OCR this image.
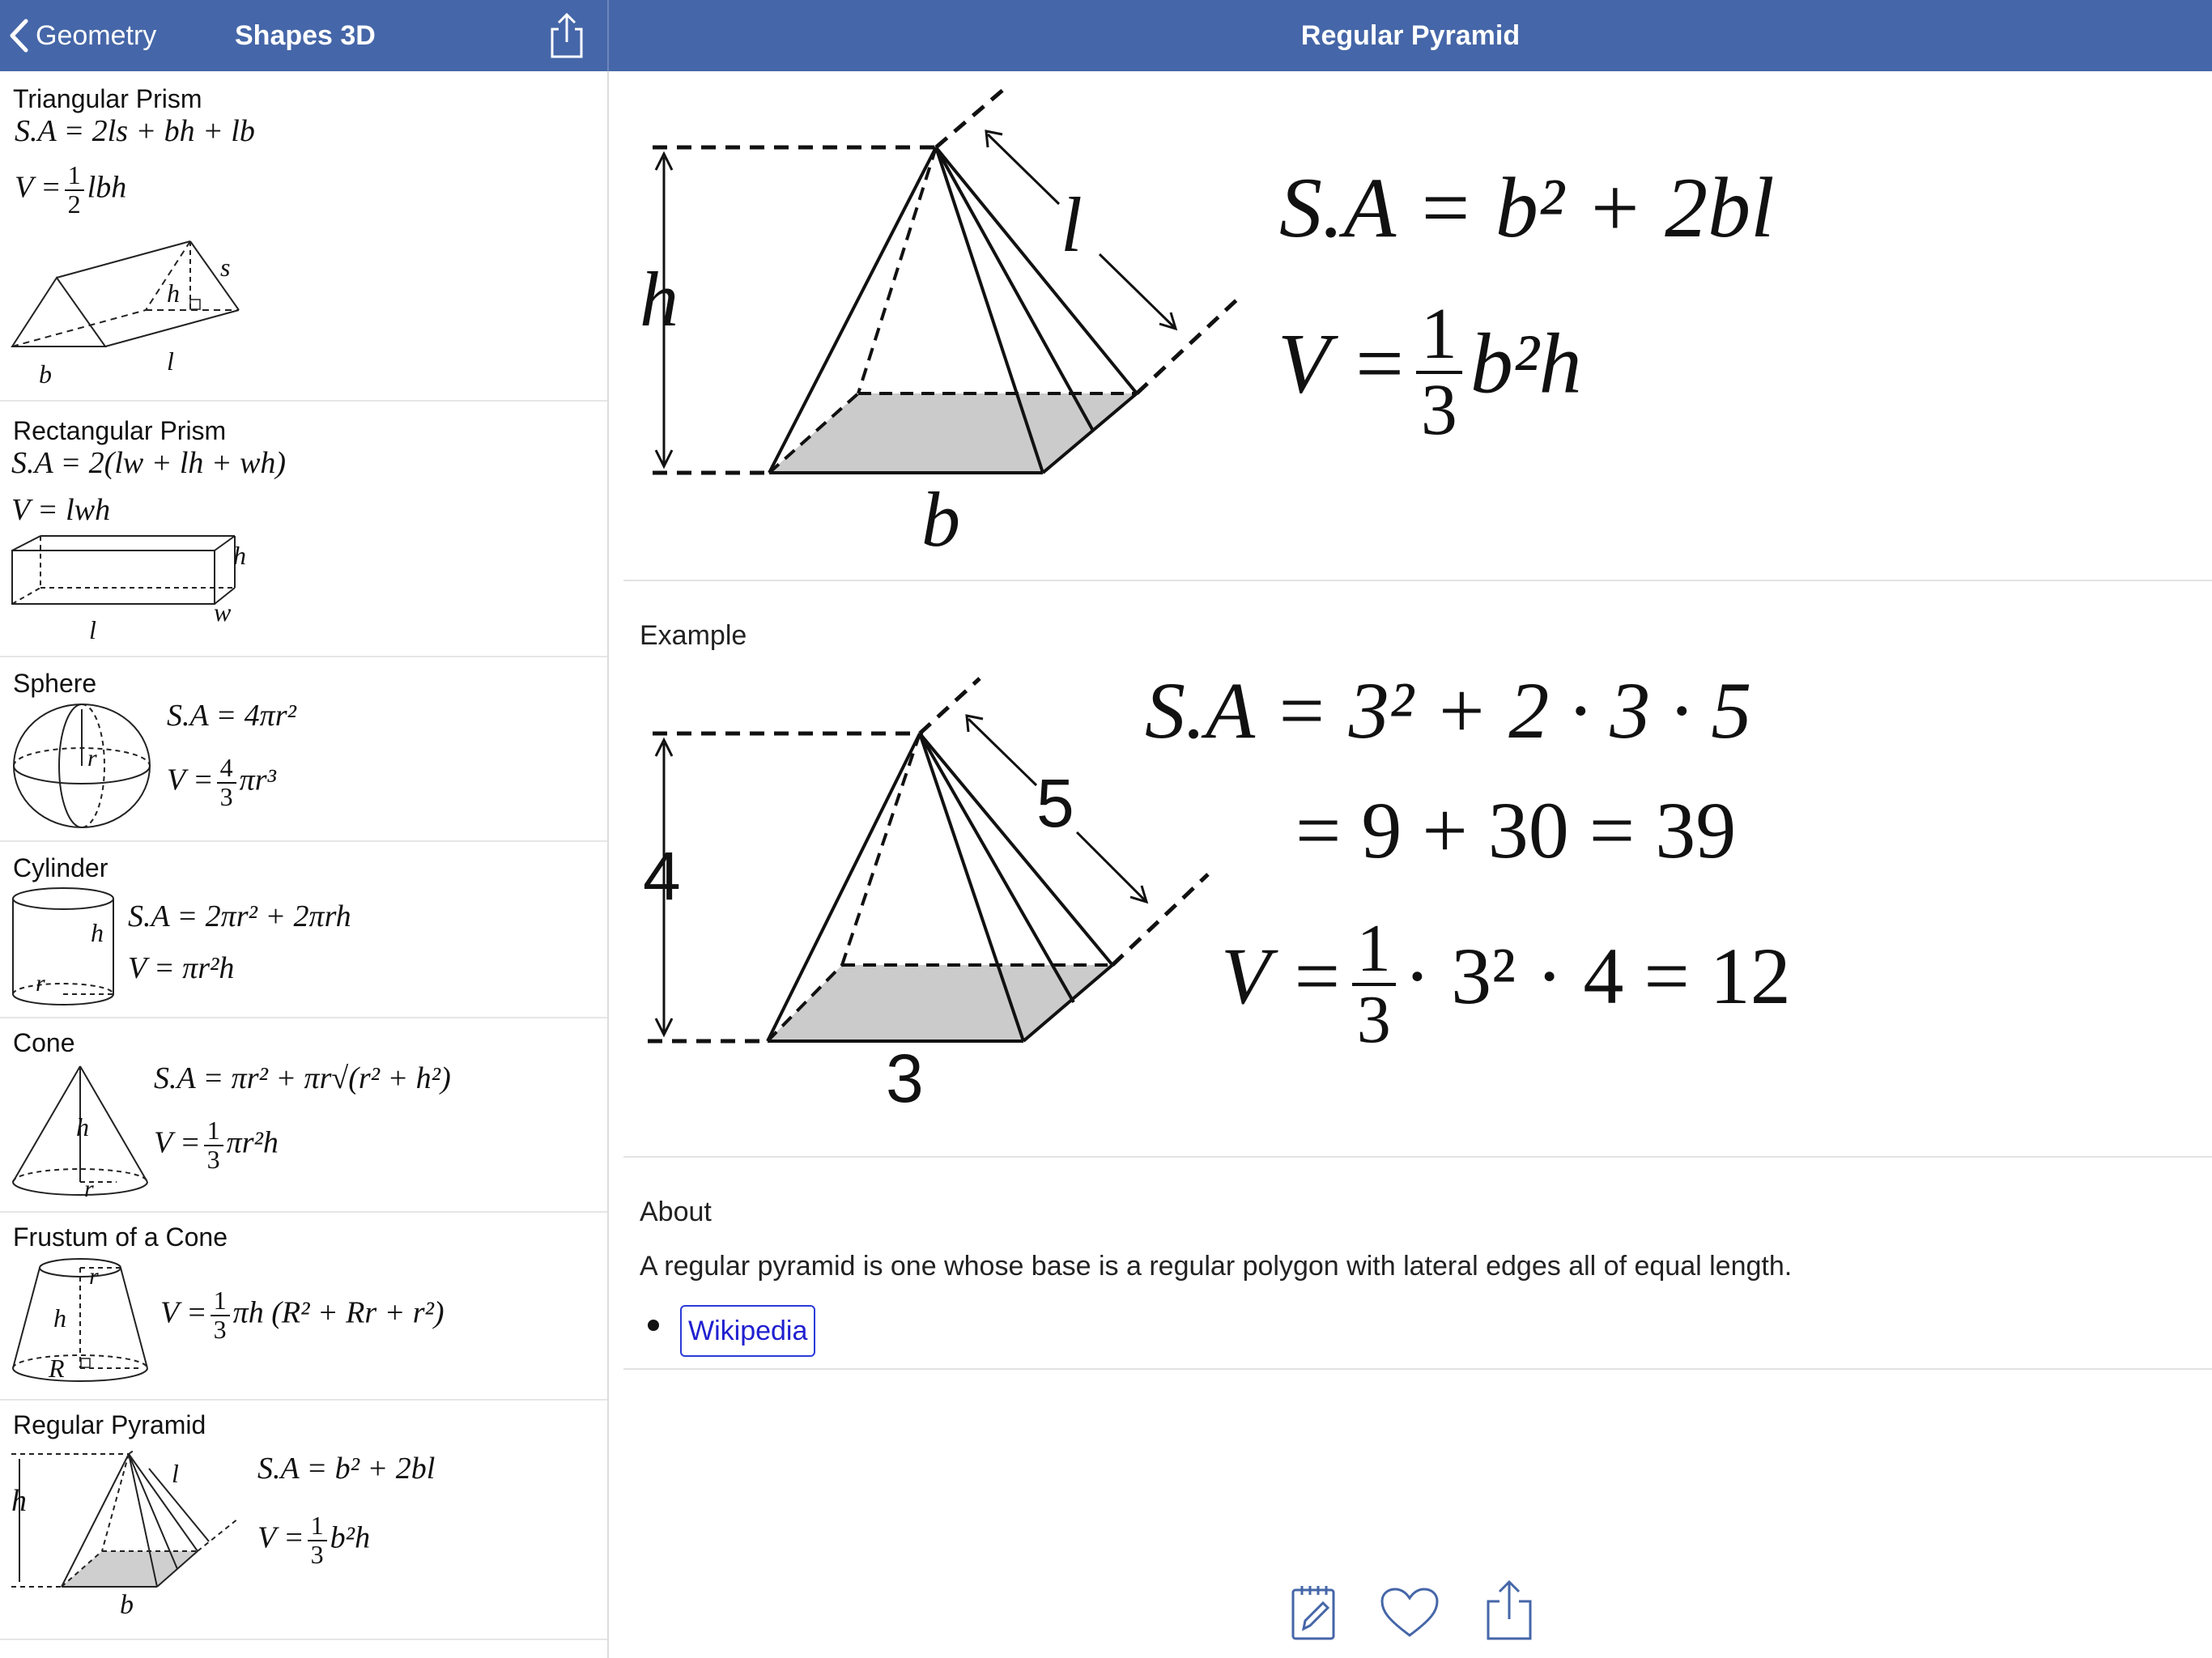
Geometry	Shapes 3D	Regular Pyramid
Triangular Prism
S.A = 2ls + bh + lb
$V = \frac{1}{2}$ lbh
b	l
h
s
Rectangular Prism
S.A = 2(lw + lh + wh)
V = lwh
l
w
h
Sphere
r
S.A = 4πr²
$V = \frac{4}{3} \pi r^3$
Cylinder
h
r
S.A = 2πr² + 2πrh
V = πr²h
Cone
h
r
S.A = πr² + πr√(r² + h²)
$V = \frac{1}{3} \pi r^2h$
Frustum of a Cone
r
h
R
$V = \frac{1}{3}$ πh (R² + Rr + r²)
Regular Pyramid
h
l
b
S.A = b² + 2bl
$V = \frac{1}{3} b^2h$
h
l
b
S.A = b² + 2bl
$V = \frac{1}{3} b^2h$
Example
4
5
3
S.A = 3² + 2 · 3 · 5
= 9 + 30 = 39
$V = \frac{1}{3} \cdot 3^2 \cdot 4 = 12$
About
A regular pyramid is one whose base is a regular polygon with lateral edges all of equal length.
Wikipedia
